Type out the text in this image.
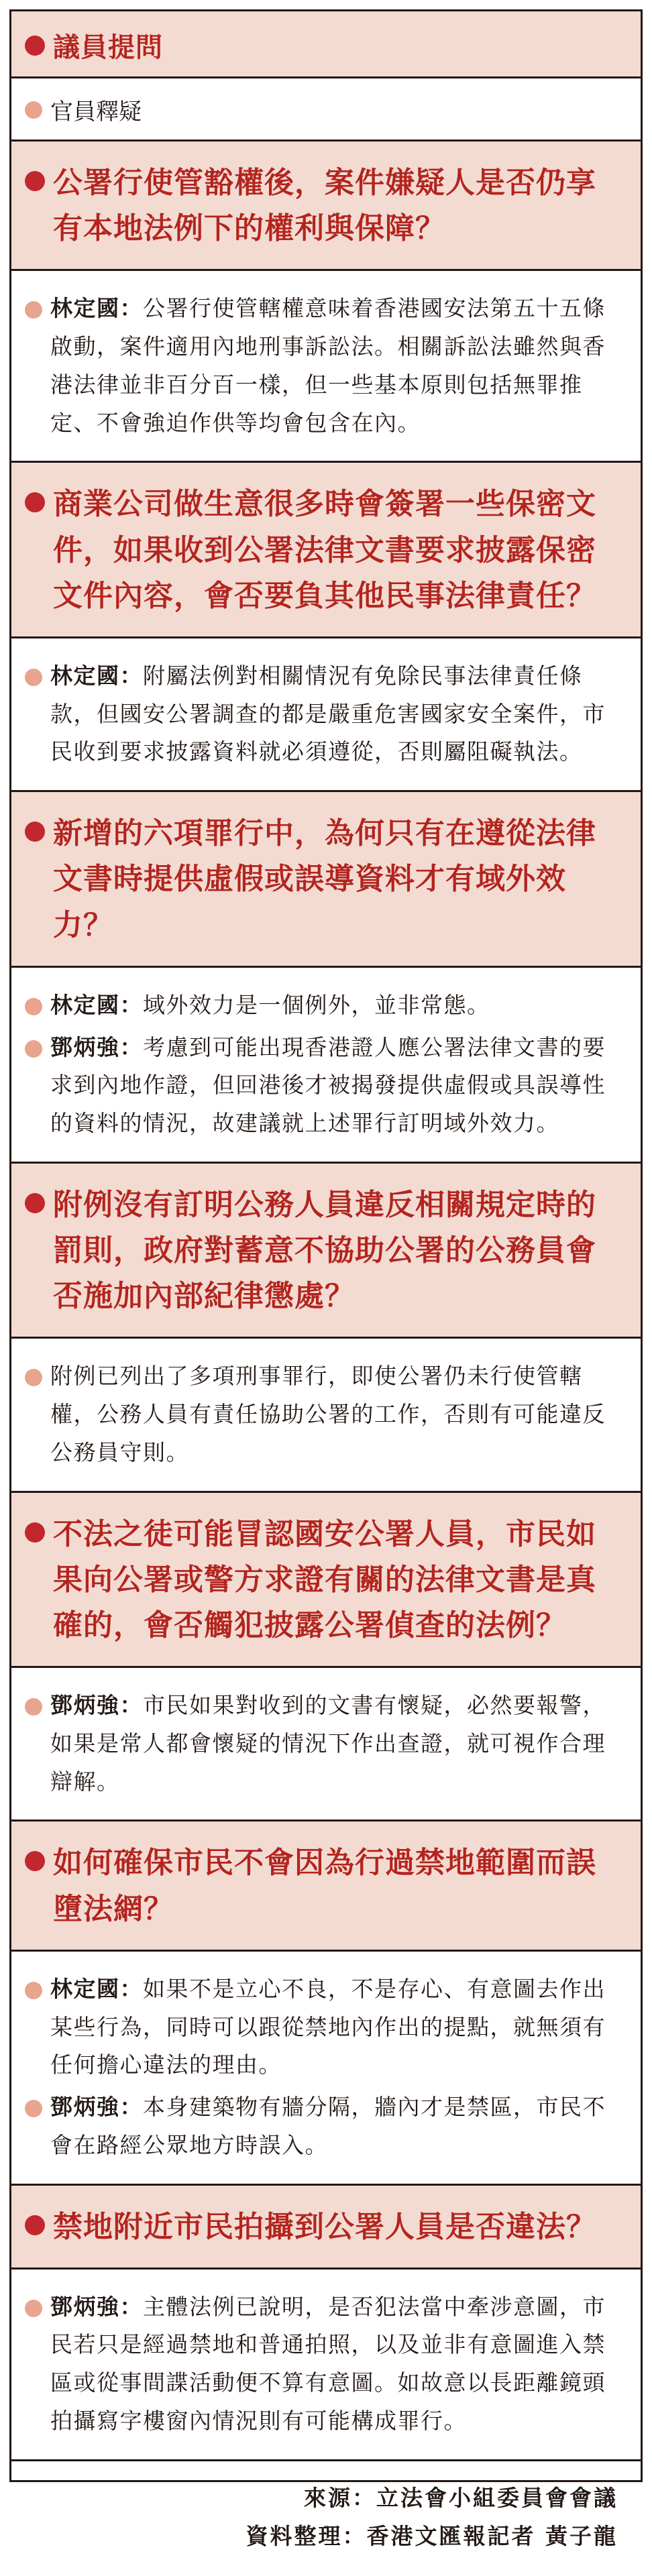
議員提問
官員釋疑
公署行使管豁權後，案件嫌疑人是否仍享有本地法例下的權利與保障？
林定國：公署行使管轄權意味着香港國安法第五十五條啟動，案件適用內地刑事訴訟法。相關訴訟法雖然與香港法律並非百分百一樣，但一些基本原則包括無罪推定、不會強迫作供等均會包含在內。
商業公司做生意很多時會簽署一些保密文件，如果收到公署法律文書要求披露保密文件內容，會否要負其他民事法律責任？
林定國：附屬法例對相關情況有免除民事法律責任條款，但國安公署調查的都是嚴重危害國家安全案件，市民收到要求披露資料就必須遵從，否則屬阻礙執法。
新增的六項罪行中，為何只有在遵從法律文書時提供虛假或誤導資料才有域外效力？
林定國：域外效力是一個例外，並非常態。
鄧炳強：考慮到可能出現香港證人應公署法律文書的要求到內地作證，但回港後才被揭發提供虛假或具誤導性的資料的情況，故建議就上述罪行訂明域外效力。
附例沒有訂明公務人員違反相關規定時的罰則，政府對蓄意不協助公署的公務員會否施加內部紀律懲處？
附例已列出了多項刑事罪行，即使公署仍未行使管轄權，公務人員有責任協助公署的工作，否則有可能違反公務員守則。
不法之徒可能冒認國安公署人員，市民如果向公署或警方求證有關的法律文書是真確的，會否觸犯披露公署偵查的法例？
鄧炳強：市民如果對收到的文書有懷疑，必然要報警，如果是常人都會懷疑的情況下作出查證，就可視作合理辯解。
如何確保市民不會因為行過禁地範圍而誤墮法網？
林定國：如果不是立心不良，不是存心、有意圖去作出某些行為，同時可以跟從禁地內作出的提點，就無須有任何擔心違法的理由。
鄧炳強：本身建築物有牆分隔，牆內才是禁區，市民不會在路經公眾地方時誤入。
禁地附近市民拍攝到公署人員是否違法？
鄧炳強：主體法例已說明，是否犯法當中牽涉意圖，市民若只是經過禁地和普通拍照，以及並非有意圖進入禁區或從事間諜活動便不算有意圖。如故意以長距離鏡頭拍攝寫字樓窗內情況則有可能構成罪行。
來源：立法會小組委員會會議
資料整理：香港文匯報記者 黃子龍
